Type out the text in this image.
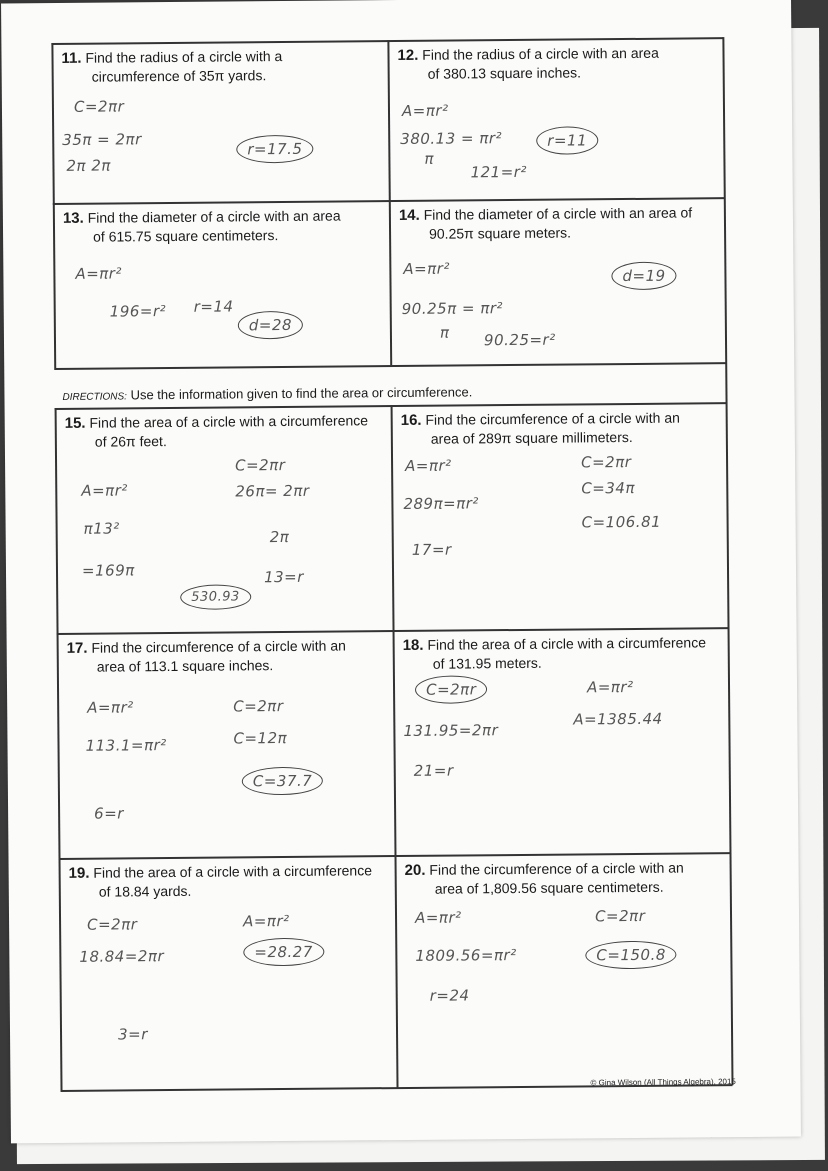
11. Find the radius of a circle with a
circumference of 35π yards.
C=2πr
35π = 2πr
2π 2π
r=17.5
12. Find the radius of a circle with an area
of 380.13 square inches.
A=πr²
380.13 = πr²
π
121=r²
r=11
13. Find the diameter of a circle with an area
of 615.75 square centimeters.
A=πr²
196=r² r=14
d=28
14. Find the diameter of a circle with an area of
90.25π square meters.
A=πr²
90.25π = πr²
π 90.25=r²
d=19
DIRECTIONS: Use the information given to find the area or circumference.
15. Find the area of a circle with a circumference
of 26π feet.
A=πr²
π13²
=169π
C=2πr
26π= 2πr
2π
13=r
530.93
16. Find the circumference of a circle with an
area of 289π square millimeters.
A=πr²
289π=πr²
17=r
C=2πr
C=34π
C=106.81
17. Find the circumference of a circle with an
area of 113.1 square inches.
A=πr²
113.1=πr²
6=r
C=2πr
C=12π
C=37.7
18. Find the area of a circle with a circumference
of 131.95 meters.
C=2πr
131.95=2πr
21=r
A=πr²
A=1385.44
19. Find the area of a circle with a circumference
of 18.84 yards.
C=2πr
18.84=2πr
3=r
A=πr²
=28.27
20. Find the circumference of a circle with an
area of 1,809.56 square centimeters.
A=πr²
1809.56=πr²
r=24
C=2πr
C=150.8
© Gina Wilson (All Things Algebra), 2015
